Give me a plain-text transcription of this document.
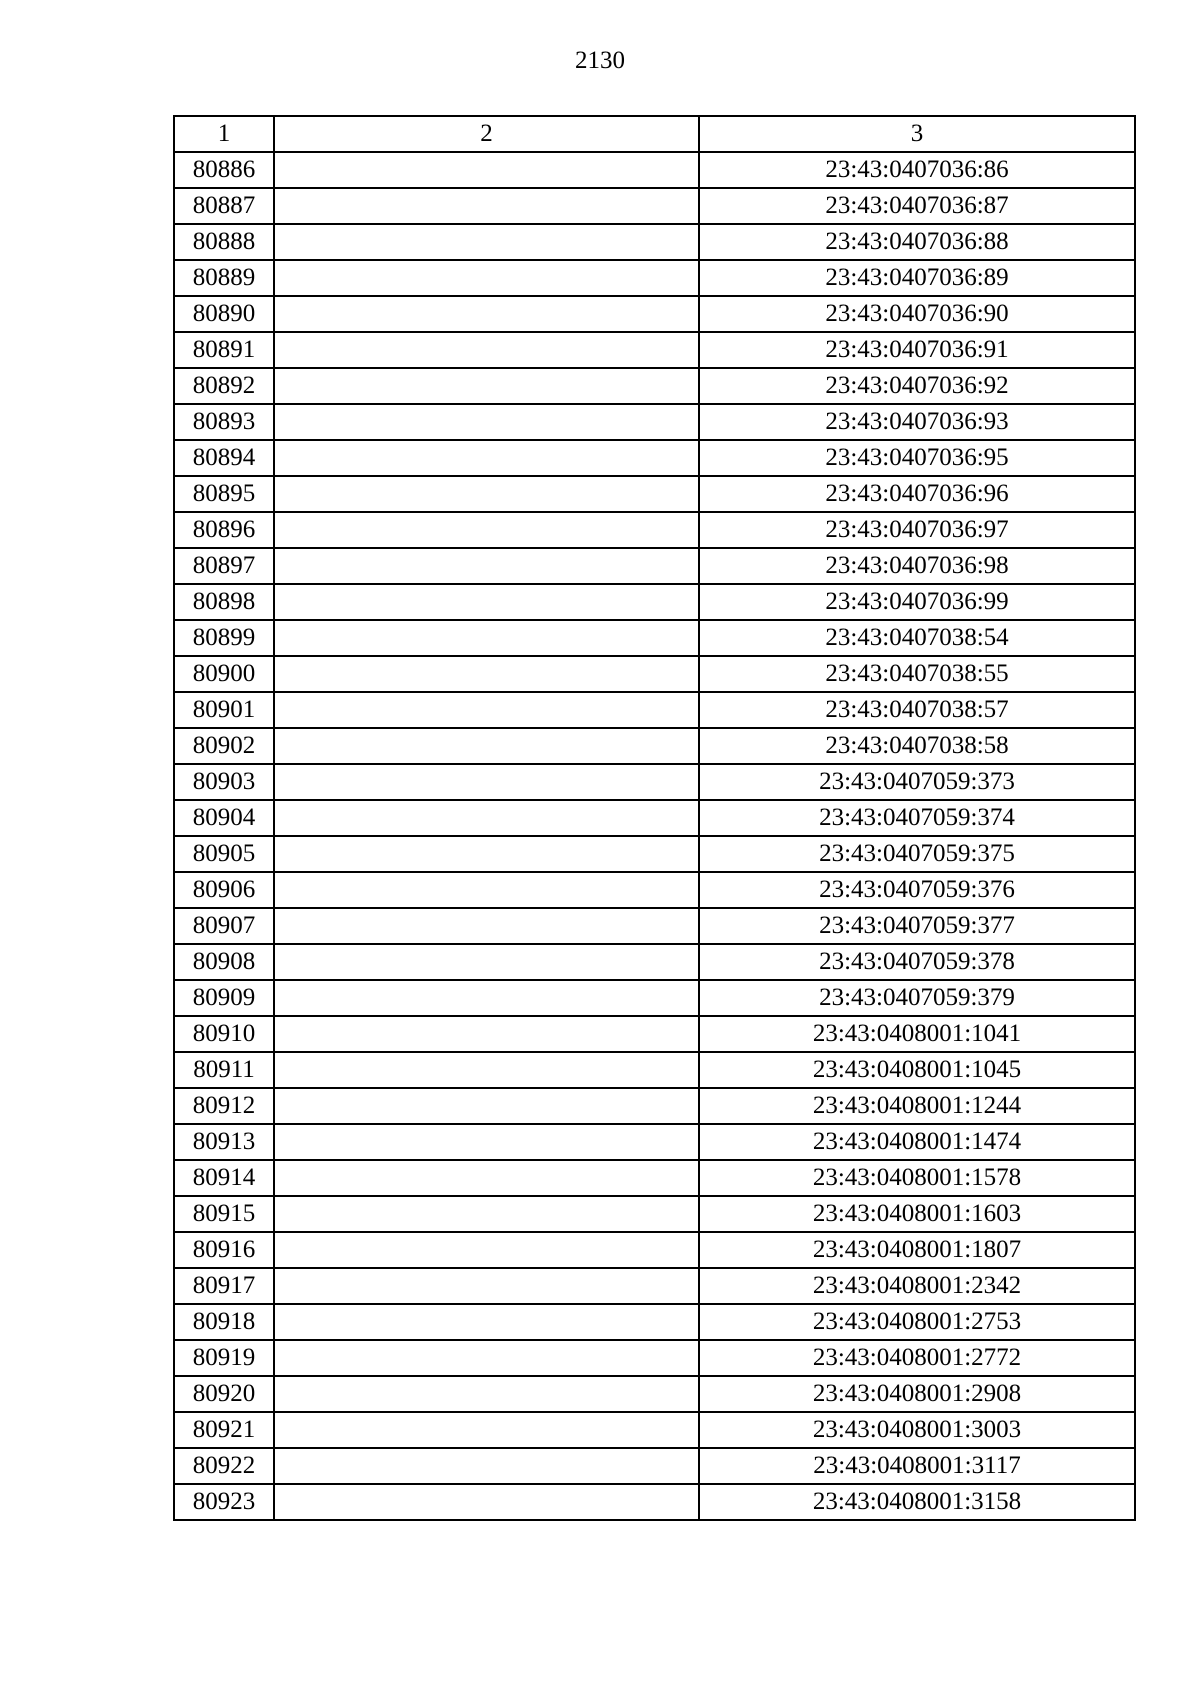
2130
1	2	3
80886		23:43:0407036:86
80887		23:43:0407036:87
80888		23:43:0407036:88
80889		23:43:0407036:89
80890		23:43:0407036:90
80891		23:43:0407036:91
80892		23:43:0407036:92
80893		23:43:0407036:93
80894		23:43:0407036:95
80895		23:43:0407036:96
80896		23:43:0407036:97
80897		23:43:0407036:98
80898		23:43:0407036:99
80899		23:43:0407038:54
80900		23:43:0407038:55
80901		23:43:0407038:57
80902		23:43:0407038:58
80903		23:43:0407059:373
80904		23:43:0407059:374
80905		23:43:0407059:375
80906		23:43:0407059:376
80907		23:43:0407059:377
80908		23:43:0407059:378
80909		23:43:0407059:379
80910		23:43:0408001:1041
80911		23:43:0408001:1045
80912		23:43:0408001:1244
80913		23:43:0408001:1474
80914		23:43:0408001:1578
80915		23:43:0408001:1603
80916		23:43:0408001:1807
80917		23:43:0408001:2342
80918		23:43:0408001:2753
80919		23:43:0408001:2772
80920		23:43:0408001:2908
80921		23:43:0408001:3003
80922		23:43:0408001:3117
80923		23:43:0408001:3158
